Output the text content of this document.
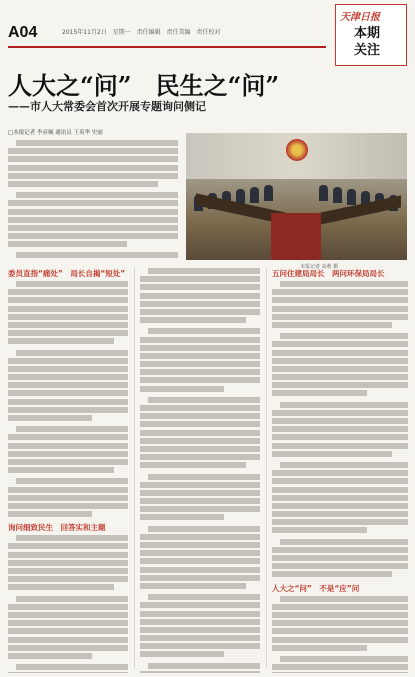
A04	2015年11月2日 星期一 责任编辑 责任美编 责任校对
天津日报
本期
关注
人大之“问”　民生之“问”
——市人大常委会首次开展专题询问侧记
□本报记者 李彦娴 通讯员 王英华 史丽
本报记者 高莉 摄
委员直指“痛处”　局长自揭“短处”
询问细致民生　回答实和主题
五问住建局局长　两问环保局局长
人大之“问”　不是“应”问
